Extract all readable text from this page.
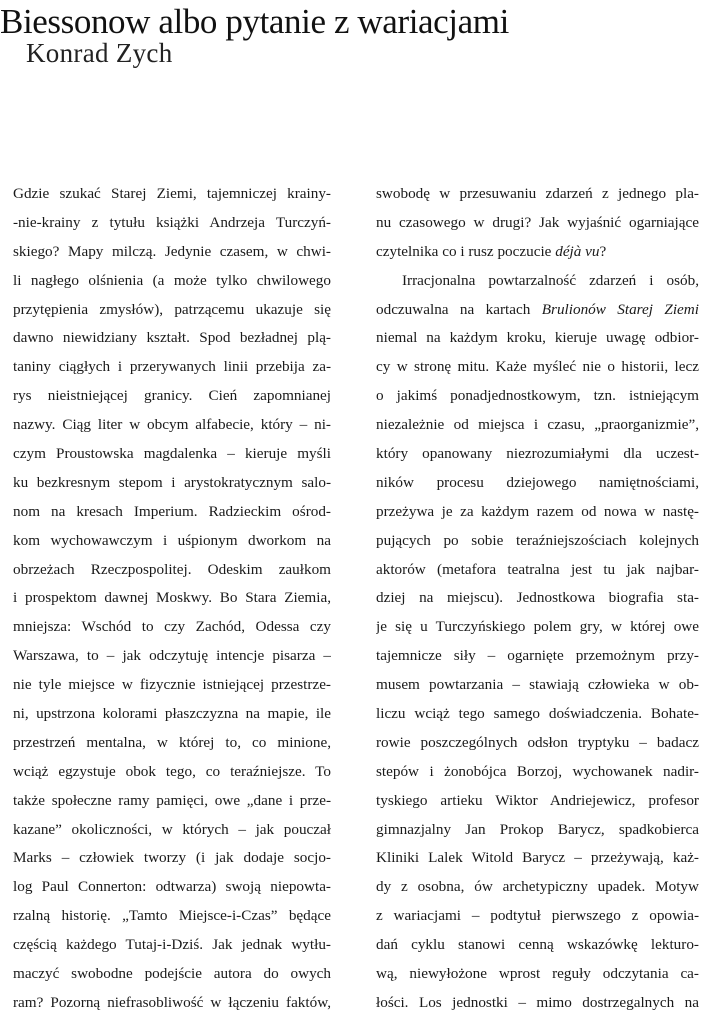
Biessonow albo pytanie z wariacjami
Konrad Zych
Gdzie szukać Starej Ziemi, tajemniczej krainy-
-nie-krainy z tytułu książki Andrzeja Turczyń-
skiego? Mapy milczą. Jedynie czasem, w chwi-
li nagłego olśnienia (a może tylko chwilowego
przytępienia zmysłów), patrzącemu ukazuje się
dawno niewidziany kształt. Spod bezładnej plą-
taniny ciągłych i przerywanych linii przebija za-
rys nieistniejącej granicy. Cień zapomnianej
nazwy. Ciąg liter w obcym alfabecie, który – ni-
czym Proustowska magdalenka – kieruje myśli
ku bezkresnym stepom i arystokratycznym salo-
nom na kresach Imperium. Radzieckim ośrod-
kom wychowawczym i uśpionym dworkom na
obrzeżach Rzeczpospolitej. Odeskim zaułkom
i prospektom dawnej Moskwy. Bo Stara Ziemia,
mniejsza: Wschód to czy Zachód, Odessa czy
Warszawa, to – jak odczytuję intencje pisarza –
nie tyle miejsce w fizycznie istniejącej przestrze-
ni, upstrzona kolorami płaszczyzna na mapie, ile
przestrzeń mentalna, w której to, co minione,
wciąż egzystuje obok tego, co teraźniejsze. To
także społeczne ramy pamięci, owe „dane i prze-
kazane” okoliczności, w których – jak pouczał
Marks – człowiek tworzy (i jak dodaje socjo-
log Paul Connerton: odtwarza) swoją niepowta-
rzalną historię. „Tamto Miejsce-i-Czas” będące
częścią każdego Tutaj-i-Dziś. Jak jednak wytłu-
maczyć swobodne podejście autora do owych
ram? Pozorną niefrasobliwość w łączeniu faktów,
swobodę w przesuwaniu zdarzeń z jednego pla-
nu czasowego w drugi? Jak wyjaśnić ogarniające
czytelnika co i rusz poczucie déjà vu?
Irracjonalna powtarzalność zdarzeń i osób,
odczuwalna na kartach Brulionów Starej Ziemi
niemal na każdym kroku, kieruje uwagę odbior-
cy w stronę mitu. Każe myśleć nie o historii, lecz
o jakimś ponadjednostkowym, tzn. istniejącym
niezależnie od miejsca i czasu, „praorganizmie”,
który opanowany niezrozumiałymi dla uczest-
ników procesu dziejowego namiętnościami,
przeżywa je za każdym razem od nowa w nastę-
pujących po sobie teraźniejszościach kolejnych
aktorów (metafora teatralna jest tu jak najbar-
dziej na miejscu). Jednostkowa biografia sta-
je się u Turczyńskiego polem gry, w której owe
tajemnicze siły – ogarnięte przemożnym przy-
musem powtarzania – stawiają człowieka w ob-
liczu wciąż tego samego doświadczenia. Bohate-
rowie poszczególnych odsłon tryptyku – badacz
stepów i żonobójca Borzoj, wychowanek nadir-
tyskiego artieku Wiktor Andriejewicz, profesor
gimnazjalny Jan Prokop Barycz, spadkobierca
Kliniki Lalek Witold Barycz – przeżywają, każ-
dy z osobna, ów archetypiczny upadek. Motyw
z wariacjami – podtytuł pierwszego z opowia-
dań cyklu stanowi cenną wskazówkę lekturo-
wą, niewyłożone wprost reguły odczytania ca-
łości. Los jednostki – mimo dostrzegalnych na
